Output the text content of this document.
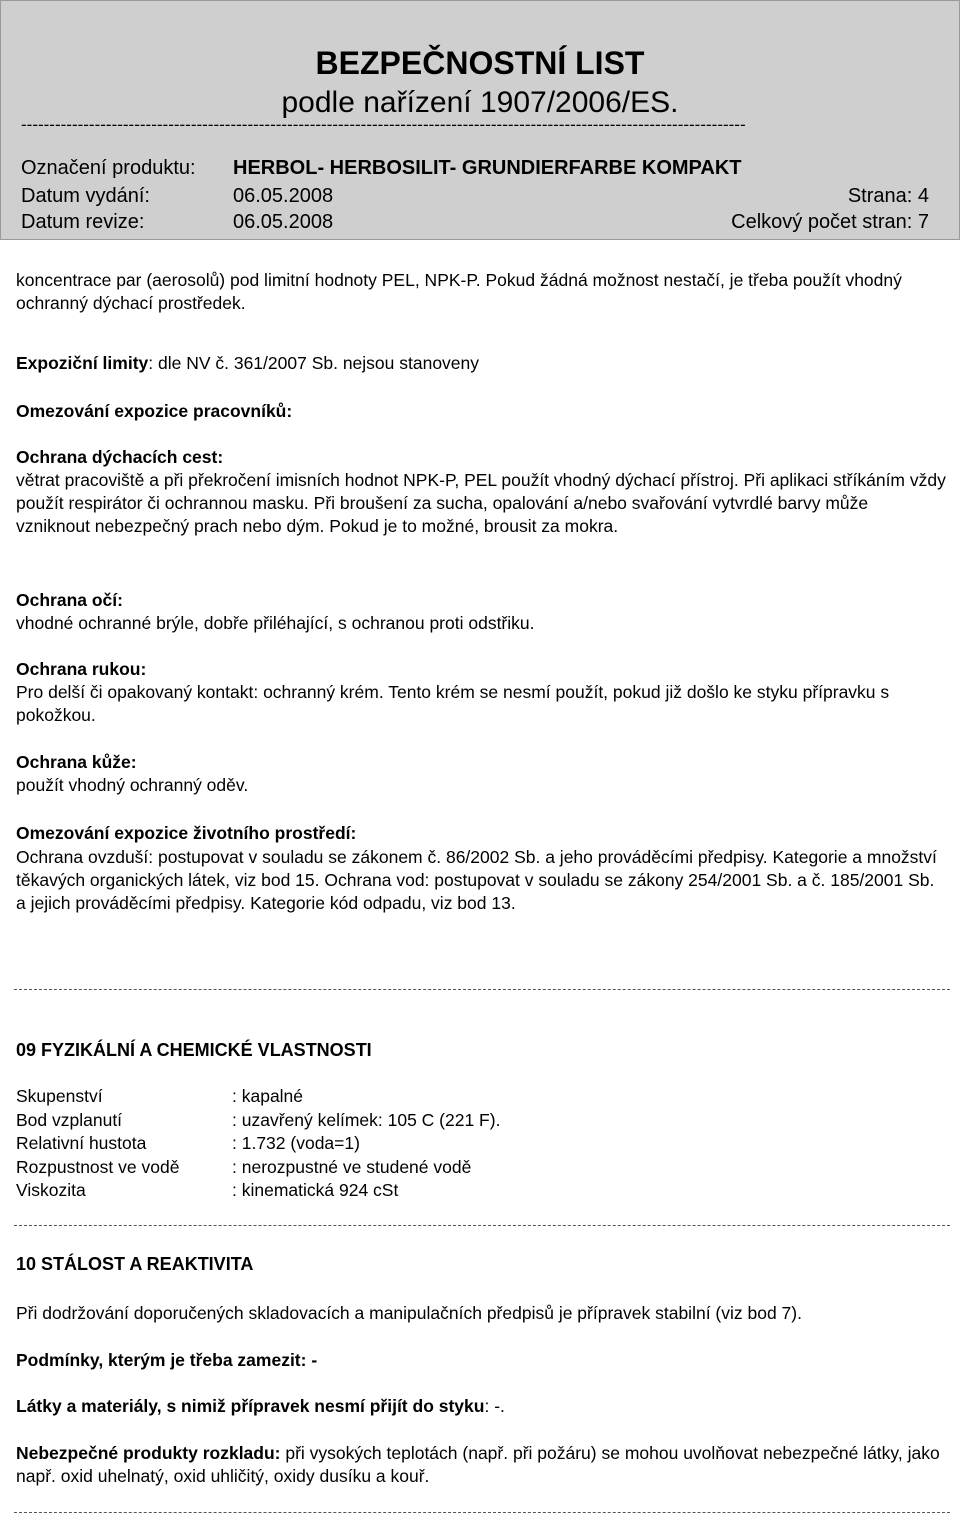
BEZPEČNOSTNÍ LIST
podle nařízení 1907/2006/ES.
--------------------------------------------------------------------------------------------------------------------------------
Označení produktu: HERBOL- HERBOSILIT- GRUNDIERFARBE KOMPAKT
Datum vydání:	06.05.2008	Strana: 4
Datum revize:	06.05.2008	Celkový počet stran: 7
koncentrace par (aerosolů) pod limitní hodnoty PEL, NPK-P. Pokud žádná možnost nestačí, je třeba použít vhodný ochranný dýchací prostředek.
Expoziční limity: dle NV č. 361/2007 Sb. nejsou stanoveny
Omezování expozice pracovníků:
Ochrana dýchacích cest:
větrat pracoviště a při překročení imisních hodnot NPK-P, PEL použít vhodný dýchací přístroj. Při aplikaci stříkáním vždy použít respirátor či ochrannou masku. Při broušení za sucha, opalování a/nebo svařování vytvrdlé barvy může vzniknout nebezpečný prach nebo dým. Pokud je to možné, brousit za mokra.
Ochrana očí:
vhodné ochranné brýle, dobře přiléhající, s ochranou proti odstřiku.
Ochrana rukou:
Pro delší či opakovaný kontakt: ochranný krém. Tento krém se nesmí použít, pokud již došlo ke styku přípravku s pokožkou.
Ochrana kůže:
použít vhodný ochranný oděv.
Omezování expozice životního prostředí:
Ochrana ovzduší: postupovat v souladu se zákonem č. 86/2002 Sb. a jeho prováděcími předpisy. Kategorie a množství těkavých organických látek, viz bod 15. Ochrana vod: postupovat v souladu se zákony 254/2001 Sb. a č. 185/2001 Sb. a jejich prováděcími předpisy. Kategorie kód odpadu, viz bod 13.
09 FYZIKÁLNÍ A CHEMICKÉ VLASTNOSTI
Skupenství	: kapalné
Bod vzplanutí	: uzavřený kelímek: 105 C (221 F).
Relativní hustota	: 1.732 (voda=1)
Rozpustnost ve vodě	: nerozpustné ve studené vodě
Viskozita	: kinematická 924 cSt
10 STÁLOST A REAKTIVITA
Při dodržování doporučených skladovacích a manipulačních předpisů je přípravek stabilní (viz bod 7).
Podmínky, kterým je třeba zamezit: -
Látky a materiály, s nimiž přípravek nesmí přijít do styku: -.
Nebezpečné produkty rozkladu: při vysokých teplotách (např. při požáru) se mohou uvolňovat nebezpečné látky, jako např. oxid uhelnatý, oxid uhličitý, oxidy dusíku a kouř.
